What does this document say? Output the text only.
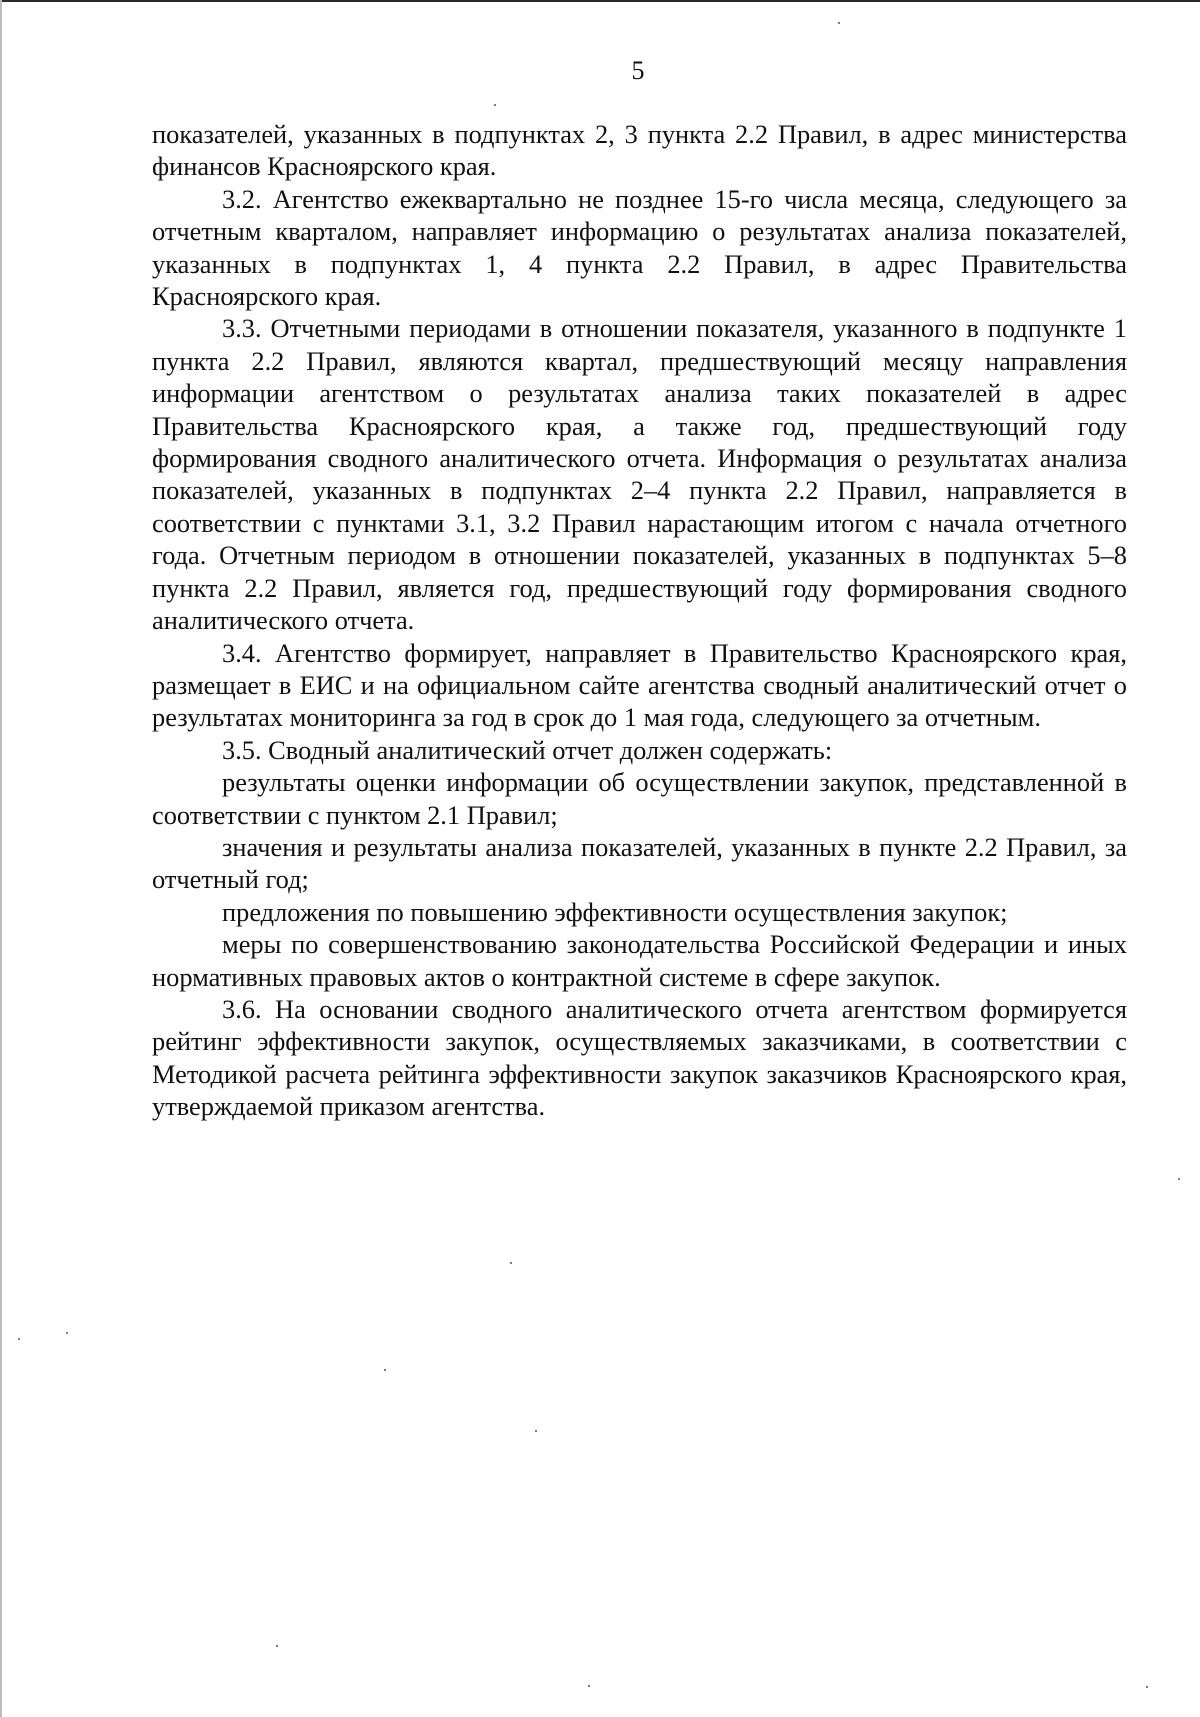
5

показателей, указанных в подпунктах 2, 3 пункта 2.2 Правил, в адрес министерства финансов Красноярского края.

3.2. Агентство ежеквартально не позднее 15-го числа месяца, следующего за отчетным кварталом, направляет информацию о результатах анализа показателей, указанных в подпунктах 1, 4 пункта 2.2 Правил, в адрес Правительства Красноярского края.

3.3. Отчетными периодами в отношении показателя, указанного в подпункте 1 пункта 2.2 Правил, являются квартал, предшествующий месяцу направления информации агентством о результатах анализа таких показателей в адрес Правительства Красноярского края, а также год, предшествующий году формирования сводного аналитического отчета. Информация о результатах анализа показателей, указанных в подпунктах 2–4 пункта 2.2 Правил, направляется в соответствии с пунктами 3.1, 3.2 Правил нарастающим итогом с начала отчетного года. Отчетным периодом в отношении показателей, указанных в подпунктах 5–8 пункта 2.2 Правил, является год, предшествующий году формирования сводного аналитического отчета.

3.4. Агентство формирует, направляет в Правительство Красноярского края, размещает в ЕИС и на официальном сайте агентства сводный аналитический отчет о результатах мониторинга за год в срок до 1 мая года, следующего за отчетным.

3.5. Сводный аналитический отчет должен содержать:

результаты оценки информации об осуществлении закупок, представленной в соответствии с пунктом 2.1 Правил;

значения и результаты анализа показателей, указанных в пункте 2.2 Правил, за отчетный год;

предложения по повышению эффективности осуществления закупок;

меры по совершенствованию законодательства Российской Федерации и иных нормативных правовых актов о контрактной системе в сфере закупок.

3.6. На основании сводного аналитического отчета агентством формируется рейтинг эффективности закупок, осуществляемых заказчиками, в соответствии с Методикой расчета рейтинга эффективности закупок заказчиков Красноярского края, утверждаемой приказом агентства.
